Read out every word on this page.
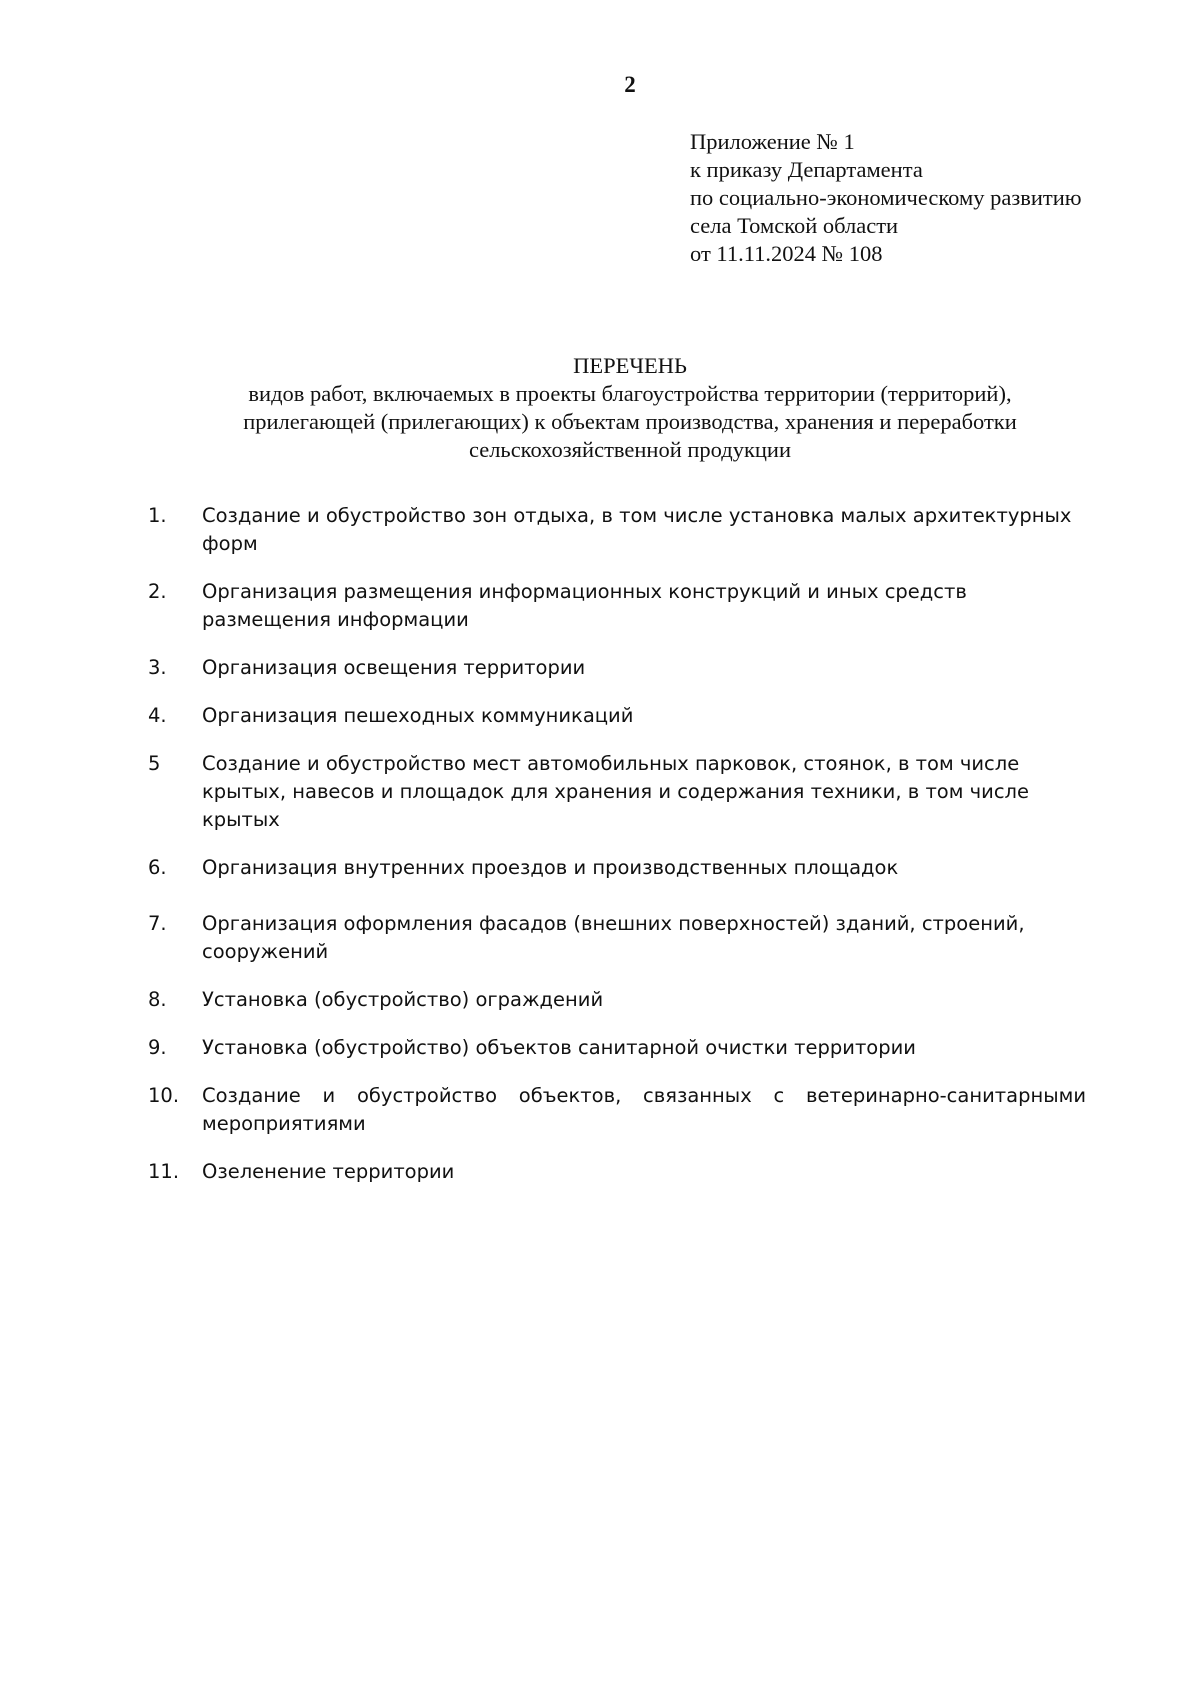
2
Приложение № 1
к приказу Департамента
по социально-экономическому развитию
села Томской области
от 11.11.2024 № 108
ПЕРЕЧЕНЬ
видов работ, включаемых в проекты благоустройства территории (территорий),
прилегающей (прилегающих) к объектам производства, хранения и переработки
сельскохозяйственной продукции
1.	Создание и обустройство зон отдыха, в том числе установка малых архитектурных форм
2.	Организация размещения информационных конструкций и иных средств размещения информации
3.	Организация освещения территории
4.	Организация пешеходных коммуникаций
5	Создание и обустройство мест автомобильных парковок, стоянок, в том числе крытых, навесов и площадок для хранения и содержания техники, в том числе крытых
6.	Организация внутренних проездов и производственных площадок
7.	Организация оформления фасадов (внешних поверхностей) зданий, строений, сооружений
8.	Установка (обустройство) ограждений
9.	Установка (обустройство) объектов санитарной очистки территории
10.	Создание и обустройство объектов, связанных с ветеринарно-санитарными мероприятиями
11.	Озеленение территории
